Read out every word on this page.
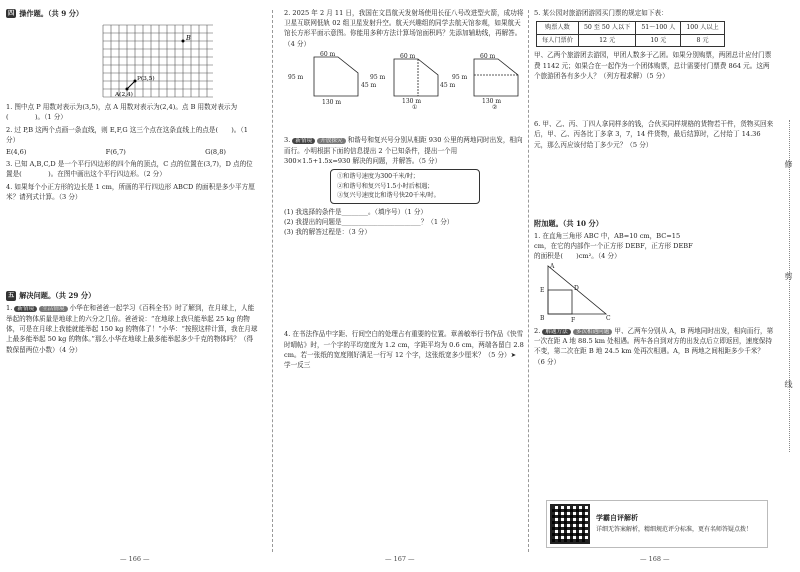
四 操作题。（共 9 分）
B
P(3,5)
A(2,4)
1. 图中点 P 用数对表示为(3,5)，点 A 用数对表示为(2,4)。点 B 用数对表示为(　　　　)。（1 分）
2. 过 P,B 这两个点画一条直线，则 E,F,G 这三个点在这条直线上的点是(　　)。（1 分）
E(4,6)	F(6,7)	G(8,8)
3. 已知 A,B,C,D 是一个平行四边形的四个角的顶点，C 点的位置在(3,7)，D 点的位置是(　　　　)。在图中画出这个平行四边形。（2 分）
4. 如果每个小正方形的边长是 1 cm，所画的平行四边形 ABCD 的面积是多少平方厘米？请列式计算。（3 分）
五 解决问题。（共 29 分）
1. 新情境 生活情境 小华在和爸爸一起学习《百科全书》时了解到，在月球上，人能举起的物体质量是地球上的六分之几倍。爸爸说：“在地球上我只能举起 25 kg 的物体，可是在月球上我能就能举起 150 kg 的物体了！”小华：“按照这样计算，我在月球上最多能举起 50 kg 的物体。”那么小华在地球上最多能举起多少千克的物体吗？（得数保留两位小数）（4 分）
— 166 —
2. 2025 年 2 月 11 日，我国在文昌航天发射场使用长征八号改进型火箭，成功将卫星互联网低轨 02 组卫星发射升空。航天兴趣组的同学去航天馆参观，如果航天馆长方形平面示意图。你能用多种方法计算场馆面积吗？先添加辅助线，再解答。（4 分）
60 m
95 m
45 m
130 m
60 m
95 m
45 m
130 m
①
60 m
95 m
130 m
②
3. 新情境 开放探究 和谐号和复兴号分别从相距 930 公里的两地同时出发，相向而行。小明根据下面的信息提出 2 个已知条件，提出一个用 300×1.5+1.5x=930 解决的问题，并解答。（5 分）
①和谐号速度为300千米/时；
②和谐号和复兴号1.5小时后相遇；
③复兴号速度比和谐号快20千米/时。
(1) 我选择的条件是________。（填序号）（1 分）
(2) 我提出的问题是________________________？（1 分）
(3) 我的解答过程是：（3 分）
4. 在书法作品中字距、行间空白的处理占有重要的位置。章善敏举行书作品《快雪时晴帖》时，一个字的平均宽度为 1.2 cm，字距平均为 0.6 cm，两端各留白 2.8 cm。若一张纸的宽度刚好满足一行写 12 个字，这张纸宽多少厘米？（5 分）➤ 学一反三
— 167 —
5. 某公园对旅游团游园买门票的规定如下表：
购票人数	50 至 50 人以下	51～100 人	100 人以上
每人门票价	12 元	10 元	8 元
甲、乙两个旅游团去游园，甲团人数多于乙团。如果分别购票，两团总计应付门票费 1142 元；如果合在一起作为一个团体购票，总计需要付门票费 864 元。这两个旅游团各有多少人？（列方程求解）（5 分）
6. 甲、乙、丙、丁四人拿同样多的钱，合伙买同样规格的货物若干件，货物买回来后，甲、乙、丙各比丁多拿 3，7，14 件货物，最后结算时，乙付给丁 14.36 元，那么丙应该付给丁多少元？（5 分）
附加题。（共 10 分）
1. 在直角三角形 ABC 中，AB=10 cm，BC=15 cm，在它的内部作一个正方形 DEBF，正方形 DEBF 的面积是(　　)cm²。（4 分）
A
B	C
D
E
F
2. 解题方法 多次相遇问题 甲、乙两车分别从 A，B 两地同时出发，相向而行，第一次在距 A 地 88.5 km 处相遇。两车各自到对方的出发点后立即返回，速度保持不变，第二次在距 B 地 24.5 km 处再次相遇。A，B 两地之间相距多少千米？（6 分）
学霸自评解析
详细无答案解析，精细规范评分标准，更有名师答疑点拨！
— 168 —
修
剪
线
